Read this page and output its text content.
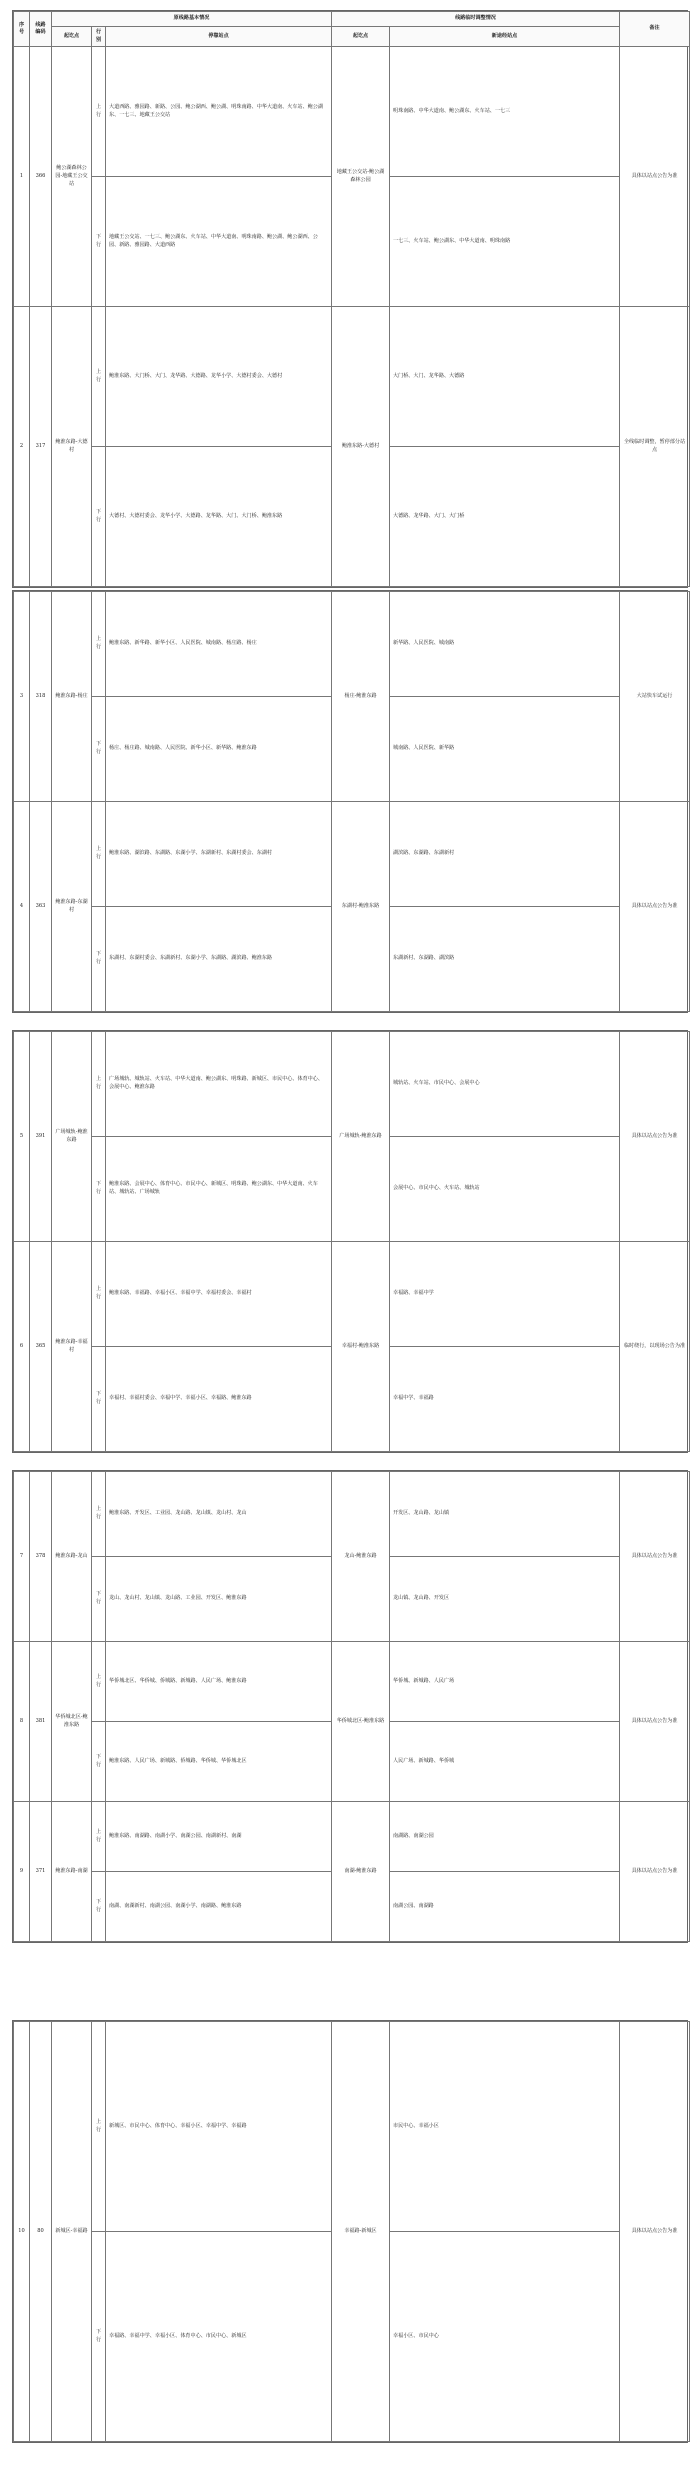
序号	线路编码	原线路基本情况			线路临时调整情况		备注
		起讫点	行别	停靠站点	起讫点	新途经站点	
1	366	鲍公湖森林公园-地藏王公交站	上行	大道西路、雅园路、新路、公园、鲍公湖西、鲍公湖、明珠南路、中华大道南、火车站、鲍公湖东、一七三、地藏王公交站	地藏王公交站-鲍公湖森林公园	明珠南路、中华大道南、鲍公湖东、火车站、一七三	具体以站点公告为准
			下行	地藏王公交站、一七三、鲍公湖东、火车站、中华大道南、明珠南路、鲍公湖、鲍公湖西、公园、新路、雅园路、大道西路		一七三、火车站、鲍公湖东、中华大道南、明珠南路	
2	317	鲍淮东路-大德村	上行	鲍淮东路、大门桥、大门、龙华路、大德路、龙华小学、大德村委会、大德村	鲍淮东路-大德村	大门桥、大门、龙华路、大德路	全线临时调整，暂停部分站点
			下行	大德村、大德村委会、龙华小学、大德路、龙华路、大门、大门桥、鲍淮东路		大德路、龙华路、大门、大门桥	
3	318	鲍淮东路-杨庄	上行	鲍淮东路、新华路、新华小区、人民医院、城南路、杨庄路、杨庄	杨庄-鲍淮东路	新华路、人民医院、城南路	大站快车试运行
			下行	杨庄、杨庄路、城南路、人民医院、新华小区、新华路、鲍淮东路		城南路、人民医院、新华路	
4	363	鲍淮东路-东湖村	上行	鲍淮东路、湖滨路、东湖路、东湖小学、东湖新村、东湖村委会、东湖村	东湖村-鲍淮东路	湖滨路、东湖路、东湖新村	具体以站点公告为准
			下行	东湖村、东湖村委会、东湖新村、东湖小学、东湖路、湖滨路、鲍淮东路		东湖新村、东湖路、湖滨路	
5	391	广场城轨-鲍淮东路	上行	广场城轨、城轨站、火车站、中华大道南、鲍公湖东、明珠路、新城区、市民中心、体育中心、会展中心、鲍淮东路	广场城轨-鲍淮东路	城轨站、火车站、市民中心、会展中心	具体以站点公告为准
			下行	鲍淮东路、会展中心、体育中心、市民中心、新城区、明珠路、鲍公湖东、中华大道南、火车站、城轨站、广场城轨		会展中心、市民中心、火车站、城轨站	
6	365	鲍淮东路-幸福村	上行	鲍淮东路、幸福路、幸福小区、幸福中学、幸福村委会、幸福村	幸福村-鲍淮东路	幸福路、幸福中学	临时绕行，以现场公告为准
			下行	幸福村、幸福村委会、幸福中学、幸福小区、幸福路、鲍淮东路		幸福中学、幸福路	
7	378	鲍淮东路-龙山	上行	鲍淮东路、开发区、工业园、龙山路、龙山镇、龙山村、龙山	龙山-鲍淮东路	开发区、龙山路、龙山镇	具体以站点公告为准
			下行	龙山、龙山村、龙山镇、龙山路、工业园、开发区、鲍淮东路		龙山镇、龙山路、开发区	
8	381	华侨城北区-鲍淮东路	上行	华侨城北区、华侨城、侨城路、新城路、人民广场、鲍淮东路	华侨城北区-鲍淮东路	华侨城、新城路、人民广场	具体以站点公告为准
			下行	鲍淮东路、人民广场、新城路、侨城路、华侨城、华侨城北区		人民广场、新城路、华侨城	
9	371	鲍淮东路-南湖	上行	鲍淮东路、南湖路、南湖小学、南湖公园、南湖新村、南湖	南湖-鲍淮东路	南湖路、南湖公园	具体以站点公告为准
			下行	南湖、南湖新村、南湖公园、南湖小学、南湖路、鲍淮东路		南湖公园、南湖路	
10	80	新城区-幸福路	上行	新城区、市民中心、体育中心、幸福小区、幸福中学、幸福路	幸福路-新城区	市民中心、幸福小区	具体以站点公告为准
			下行	幸福路、幸福中学、幸福小区、体育中心、市民中心、新城区		幸福小区、市民中心	
